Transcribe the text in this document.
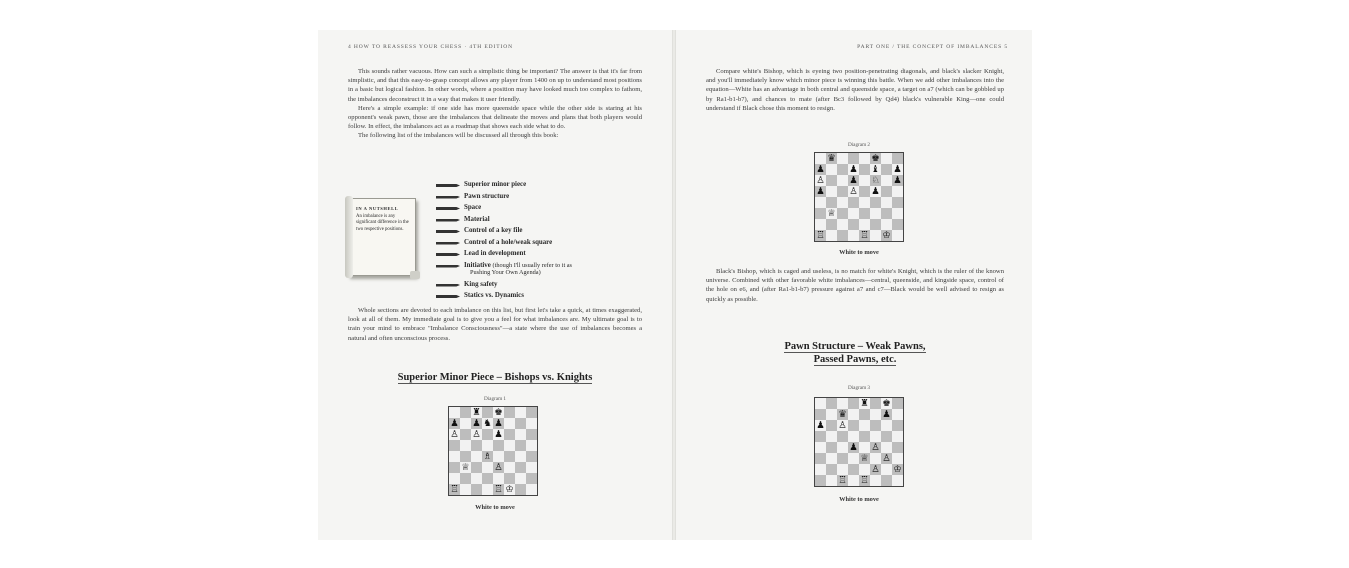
4 HOW TO REASSESS YOUR CHESS · 4TH EDITION

This sounds rather vacuous. How can such a simplistic thing be important? The answer is that it's far from simplistic, and that this easy-to-grasp concept allows any player from 1400 on up to understand most positions in a basic but logical fashion. In other words, where a position may have looked much too complex to fathom, the imbalances deconstruct it in a way that makes it user friendly.

Here's a simple example: if one side has more queenside space while the other side is staring at his opponent's weak pawn, those are the imbalances that delineate the moves and plans that both players would follow. In effect, the imbalances act as a roadmap that shows each side what to do.

The following list of the imbalances will be discussed all through this book:

IN A NUTSHELL
An imbalance is any significant difference in the two respective positions.
Superior minor piece
Pawn structure
Space
Material
Control of a key file
Control of a hole/weak square
Lead in development
Initiative (though I'll usually refer to it as
Pushing Your Own Agenda)
King safety
Statics vs. Dynamics

Whole sections are devoted to each imbalance on this list, but first let's take a quick, at times exaggerated, look at all of them. My immediate goal is to give you a feel for what imbalances are. My ultimate goal is to train your mind to embrace "Imbalance Consciousness"—a state where the use of imbalances becomes a natural and often unconscious process.

Superior Minor Piece – Bishops vs. Knights
Diagram 1
♜ ♚
♟ ♟ ♞ ♟
♙ ♙ ♟
♗
♕	♙
♖	♖ ♔
White to move
PART ONE / THE CONCEPT OF IMBALANCES 5

Compare white's Bishop, which is eyeing two position-penetrating diagonals, and black's slacker Knight, and you'll immediately know which minor piece is winning this battle. When we add other imbalances into the equation—White has an advantage in both central and queenside space, a target on a7 (which can be gobbled up by Ra1-b1-b7), and chances to mate (after Bc3 followed by Qd4) black's vulnerable King—one could understand if Black chose this moment to resign.

Diagram 2
♛	♚
♟	♟ ♝ ♟
♙	♟ ♘ ♟
♟	♙ ♟
♕
♖	♖ ♔
White to move

Black's Bishop, which is caged and useless, is no match for white's Knight, which is the ruler of the known universe. Combined with other favorable white imbalances—central, queenside, and kingside space, control of the hole on e6, and (after Ra1-b1-b7) pressure against a7 and c7—Black would be well advised to resign as quickly as possible.

Pawn Structure – Weak Pawns,
Passed Pawns, etc.
Diagram 3
♜ ♚
♛	♟
♟ ♙
♟ ♙
♕ ♙
♙ ♔
♖ ♖
White to move
